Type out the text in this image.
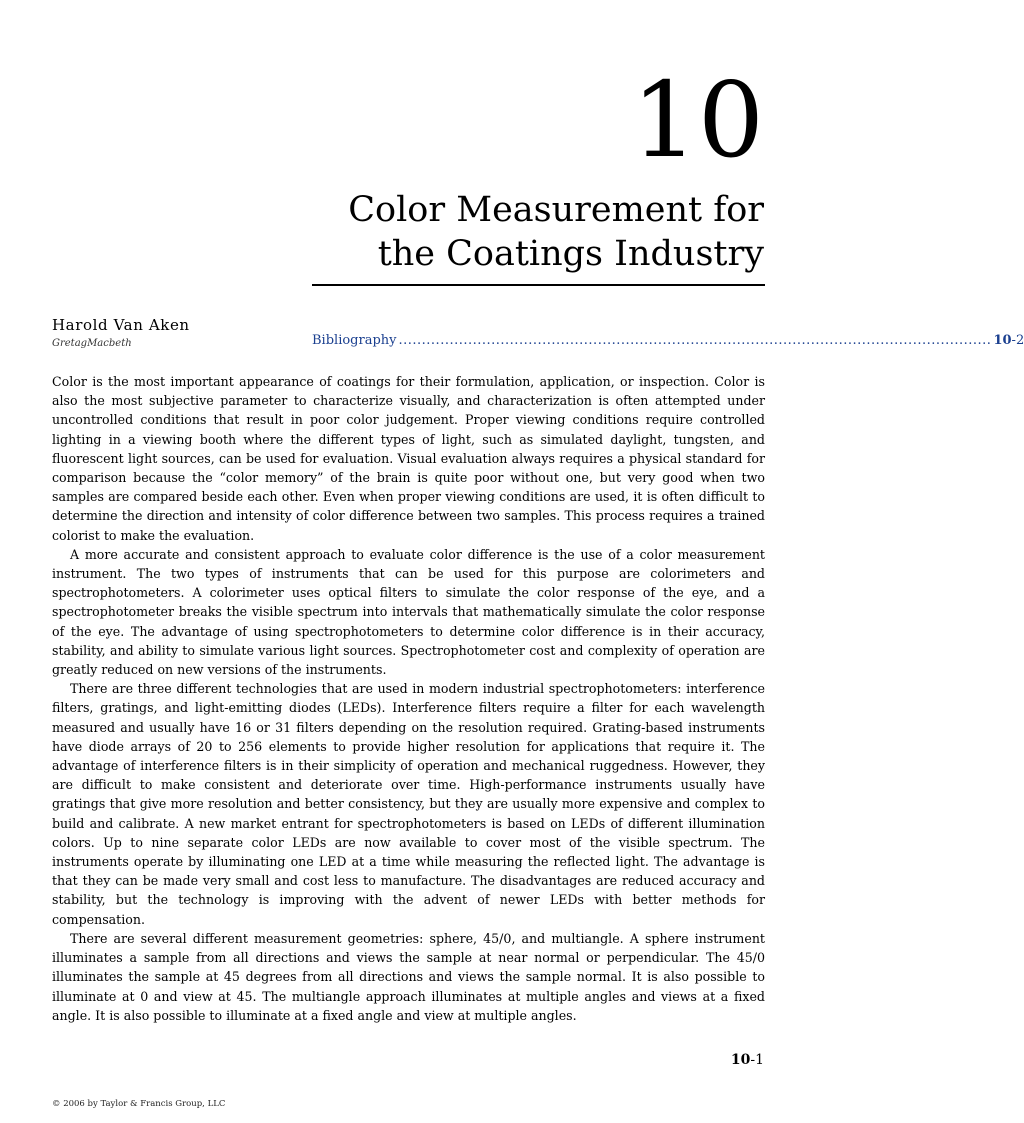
10
Color Measurement for
the Coatings Industry
Harold Van Aken
GretagMacbeth	Bibliography ................................................................................................................................ 10-2

Color is the most important appearance of coatings for their formulation, application, or inspection. Color is also the most subjective parameter to characterize visually, and characterization is often attempted under uncontrolled conditions that result in poor color judgement. Proper viewing conditions require controlled lighting in a viewing booth where the different types of light, such as simulated daylight, tungsten, and fluorescent light sources, can be used for evaluation. Visual evaluation always requires a physical standard for comparison because the “color memory” of the brain is quite poor without one, but very good when two samples are compared beside each other. Even when proper viewing conditions are used, it is often difficult to determine the direction and intensity of color difference between two samples. This process requires a trained colorist to make the evaluation.

A more accurate and consistent approach to evaluate color difference is the use of a color measurement instrument. The two types of instruments that can be used for this purpose are colorimeters and spectrophotometers. A colorimeter uses optical filters to simulate the color response of the eye, and a spectrophotometer breaks the visible spectrum into intervals that mathematically simulate the color response of the eye. The advantage of using spectrophotometers to determine color difference is in their accuracy, stability, and ability to simulate various light sources. Spectrophotometer cost and complexity of operation are greatly reduced on new versions of the instruments.

There are three different technologies that are used in modern industrial spectrophotometers: interference filters, gratings, and light-emitting diodes (LEDs). Interference filters require a filter for each wavelength measured and usually have 16 or 31 filters depending on the resolution required. Grating-based instruments have diode arrays of 20 to 256 elements to provide higher resolution for applications that require it. The advantage of interference filters is in their simplicity of operation and mechanical ruggedness. However, they are difficult to make consistent and deteriorate over time. High-performance instruments usually have gratings that give more resolution and better consistency, but they are usually more expensive and complex to build and calibrate. A new market entrant for spectrophotometers is based on LEDs of different illumination colors. Up to nine separate color LEDs are now available to cover most of the visible spectrum. The instruments operate by illuminating one LED at a time while measuring the reflected light. The advantage is that they can be made very small and cost less to manufacture. The disadvantages are reduced accuracy and stability, but the technology is improving with the advent of newer LEDs with better methods for compensation.

There are several different measurement geometries: sphere, 45/0, and multiangle. A sphere instrument illuminates a sample from all directions and views the sample at near normal or perpendicular. The 45/0 illuminates the sample at 45 degrees from all directions and views the sample normal. It is also possible to illuminate at 0 and view at 45. The multiangle approach illuminates at multiple angles and views at a fixed angle. It is also possible to illuminate at a fixed angle and view at multiple angles.

10-1
© 2006 by Taylor & Francis Group, LLC
